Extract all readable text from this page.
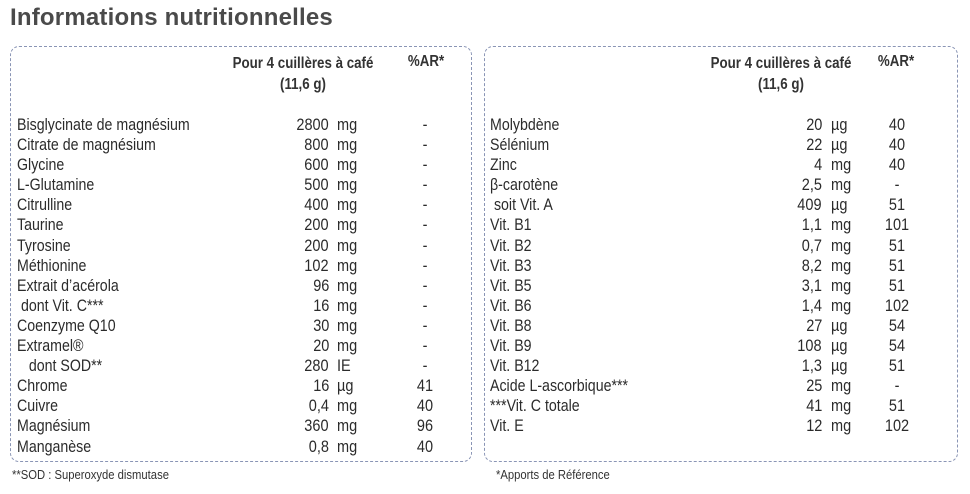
Informations nutritionnelles
Pour 4 cuillères à café
(11,6 g)
%AR*
Bisglycinate de magnésium	2800 mg	-
Citrate de magnésium	800 mg	-
Glycine	600 mg	-
L-Glutamine	500 mg	-
Citrulline	400 mg	-
Taurine	200 mg	-
Tyrosine	200 mg	-
Méthionine	102 mg	-
Extrait d’acérola	96 mg	-
dont Vit. C***	16 mg	-
Coenzyme Q10	30 mg	-
Extramel®	20 mg	-
dont SOD**	280 IE	-
Chrome	16 µg	41
Cuivre	0,4 mg	40
Magnésium	360 mg	96
Manganèse	0,8 mg	40
Pour 4 cuillères à café
(11,6 g)
%AR*
Molybdène	20 µg	40
Sélénium	22 µg	40
Zinc	4 mg	40
β-carotène	2,5 mg	-
soit Vit. A	409 µg	51
Vit. B1	1,1 mg	101
Vit. B2	0,7 mg	51
Vit. B3	8,2 mg	51
Vit. B5	3,1 mg	51
Vit. B6	1,4 mg	102
Vit. B8	27 µg	54
Vit. B9	108 µg	54
Vit. B12	1,3 µg	51
Acide L-ascorbique***	25 mg	-
***Vit. C totale	41 mg	51
Vit. E	12 mg	102
**SOD : Superoxyde dismutase	*Apports de Référence
